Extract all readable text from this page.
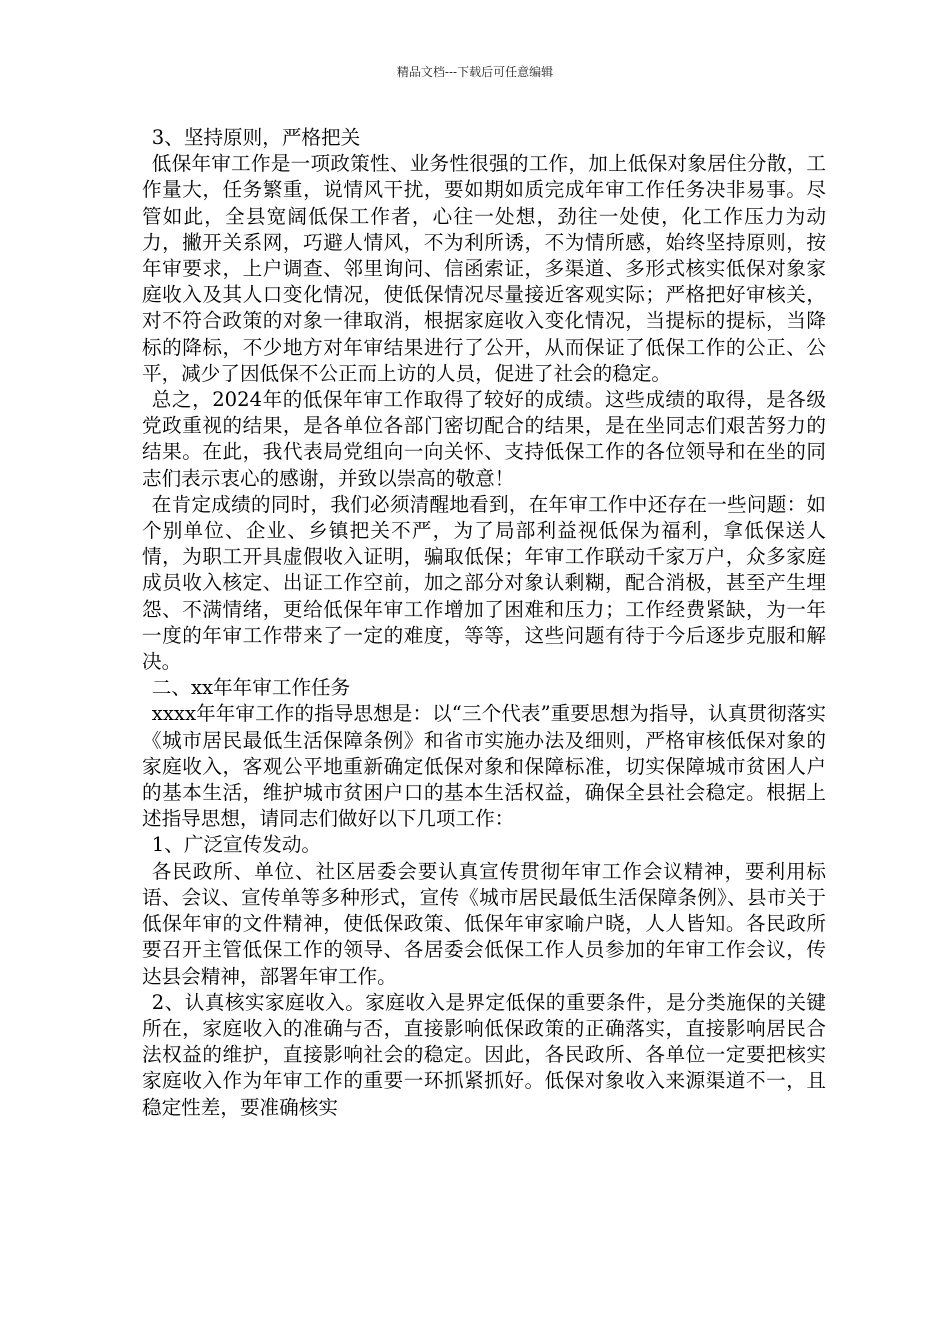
精品文档---下载后可任意编辑

3、坚持原则，严格把关

低保年审工作是一项政策性、业务性很强的工作，加上低保对象居住分散，工作量大，任务繁重，说情风干扰，要如期如质完成年审工作任务决非易事。尽管如此，全县宽阔低保工作者，心往一处想，劲往一处使，化工作压力为动力，撇开关系网，巧避人情风，不为利所诱，不为情所感，始终坚持原则，按年审要求，上户调查、邻里询问、信函索证，多渠道、多形式核实低保对象家庭收入及其人口变化情况，使低保情况尽量接近客观实际；严格把好审核关，对不符合政策的对象一律取消，根据家庭收入变化情况，当提标的提标，当降标的降标，不少地方对年审结果进行了公开，从而保证了低保工作的公正、公平，减少了因低保不公正而上访的人员，促进了社会的稳定。

总之，2024年的低保年审工作取得了较好的成绩。这些成绩的取得，是各级党政重视的结果，是各单位各部门密切配合的结果，是在坐同志们艰苦努力的结果。在此，我代表局党组向一向关怀、支持低保工作的各位领导和在坐的同志们表示衷心的感谢，并致以崇高的敬意！

在肯定成绩的同时，我们必须清醒地看到，在年审工作中还存在一些问题：如个别单位、企业、乡镇把关不严，为了局部利益视低保为福利，拿低保送人情，为职工开具虚假收入证明，骗取低保；年审工作联动千家万户，众多家庭成员收入核定、出证工作空前，加之部分对象认剩糊，配合消极，甚至产生埋怨、不满情绪，更给低保年审工作增加了困难和压力；工作经费紧缺，为一年一度的年审工作带来了一定的难度，等等，这些问题有待于今后逐步克服和解决。

二、xx年年审工作任务

xxxx年年审工作的指导思想是：以“三个代表”重要思想为指导，认真贯彻落实《城市居民最低生活保障条例》和省市实施办法及细则，严格审核低保对象的家庭收入，客观公平地重新确定低保对象和保障标准，切实保障城市贫困人户的基本生活，维护城市贫困户口的基本生活权益，确保全县社会稳定。根据上述指导思想，请同志们做好以下几项工作：

1、广泛宣传发动。

各民政所、单位、社区居委会要认真宣传贯彻年审工作会议精神，要利用标语、会议、宣传单等多种形式，宣传《城市居民最低生活保障条例》、县市关于低保年审的文件精神，使低保政策、低保年审家喻户晓，人人皆知。各民政所要召开主管低保工作的领导、各居委会低保工作人员参加的年审工作会议，传达县会精神，部署年审工作。

2、认真核实家庭收入。家庭收入是界定低保的重要条件，是分类施保的关键所在，家庭收入的准确与否，直接影响低保政策的正确落实，直接影响居民合法权益的维护，直接影响社会的稳定。因此，各民政所、各单位一定要把核实家庭收入作为年审工作的重要一环抓紧抓好。低保对象收入来源渠道不一，且稳定性差，要准确核实
